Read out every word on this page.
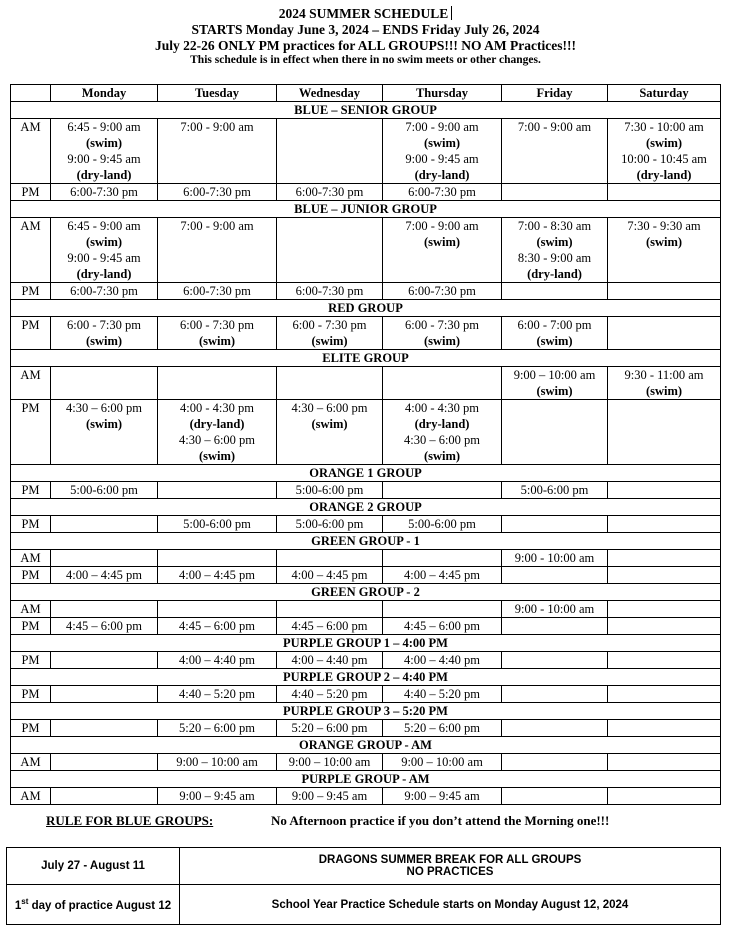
2024 SUMMER SCHEDULE
STARTS Monday June 3, 2024 – ENDS Friday July 26, 2024
July 22-26 ONLY PM practices for ALL GROUPS!!! NO AM Practices!!!
This schedule is in effect when there in no swim meets or other changes.
	Monday	Tuesday	Wednesday	Thursday	Friday	Saturday
BLUE – SENIOR GROUP						
AM	6:45 - 9:00 am
(swim)
9:00 - 9:45 am
(dry-land)	7:00 - 9:00 am		7:00 - 9:00 am
(swim)
9:00 - 9:45 am
(dry-land)	7:00 - 9:00 am	7:30 - 10:00 am
(swim)
10:00 - 10:45 am
(dry-land)

PM	6:00-7:30 pm	6:00-7:30 pm	6:00-7:30 pm	6:00-7:30 pm		

BLUE – JUNIOR GROUP						
AM	6:45 - 9:00 am
(swim)
9:00 - 9:45 am
(dry-land)	7:00 - 9:00 am		7:00 - 9:00 am
(swim)	7:00 - 8:30 am
(swim)
8:30 - 9:00 am
(dry-land)	7:30 - 9:30 am
(swim)

PM	6:00-7:30 pm	6:00-7:30 pm	6:00-7:30 pm	6:00-7:30 pm		

RED GROUP						
PM	6:00 - 7:30 pm
(swim)	6:00 - 7:30 pm
(swim)	6:00 - 7:30 pm
(swim)	6:00 - 7:30 pm
(swim)	6:00 - 7:00 pm
(swim)	

ELITE GROUP						
AM					9:00 – 10:00 am
(swim)	9:30 - 11:00 am
(swim)

PM	4:30 – 6:00 pm
(swim)	4:00 - 4:30 pm
(dry-land)
4:30 – 6:00 pm
(swim)	4:30 – 6:00 pm
(swim)	4:00 - 4:30 pm
(dry-land)
4:30 – 6:00 pm
(swim)		

ORANGE 1 GROUP						
PM	5:00-6:00 pm		5:00-6:00 pm		5:00-6:00 pm	

ORANGE 2 GROUP						
PM		5:00-6:00 pm	5:00-6:00 pm	5:00-6:00 pm		

GREEN GROUP - 1						
AM					9:00 - 10:00 am	

PM	4:00 – 4:45 pm	4:00 – 4:45 pm	4:00 – 4:45 pm	4:00 – 4:45 pm		

GREEN GROUP - 2						
AM					9:00 - 10:00 am	

PM	4:45 – 6:00 pm	4:45 – 6:00 pm	4:45 – 6:00 pm	4:45 – 6:00 pm		

PURPLE GROUP 1 – 4:00 PM						
PM		4:00 – 4:40 pm	4:00 – 4:40 pm	4:00 – 4:40 pm		

PURPLE GROUP 2 – 4:40 PM						
PM		4:40 – 5:20 pm	4:40 – 5:20 pm	4:40 – 5:20 pm		

PURPLE GROUP 3 – 5:20 PM						
PM		5:20 – 6:00 pm	5:20 – 6:00 pm	5:20 – 6:00 pm		

ORANGE GROUP - AM						
AM		9:00 – 10:00 am	9:00 – 10:00 am	9:00 – 10:00 am		

PURPLE GROUP - AM						
AM		9:00 – 9:45 am	9:00 – 9:45 am	9:00 – 9:45 am		

RULE FOR BLUE GROUPS:	No Afternoon practice if you don’t attend the Morning one!!!
July 27 - August 11	DRAGONS SUMMER BREAK FOR ALL GROUPS
NO PRACTICES

1st day of practice August 12	School Year Practice Schedule starts on Monday August 12, 2024
